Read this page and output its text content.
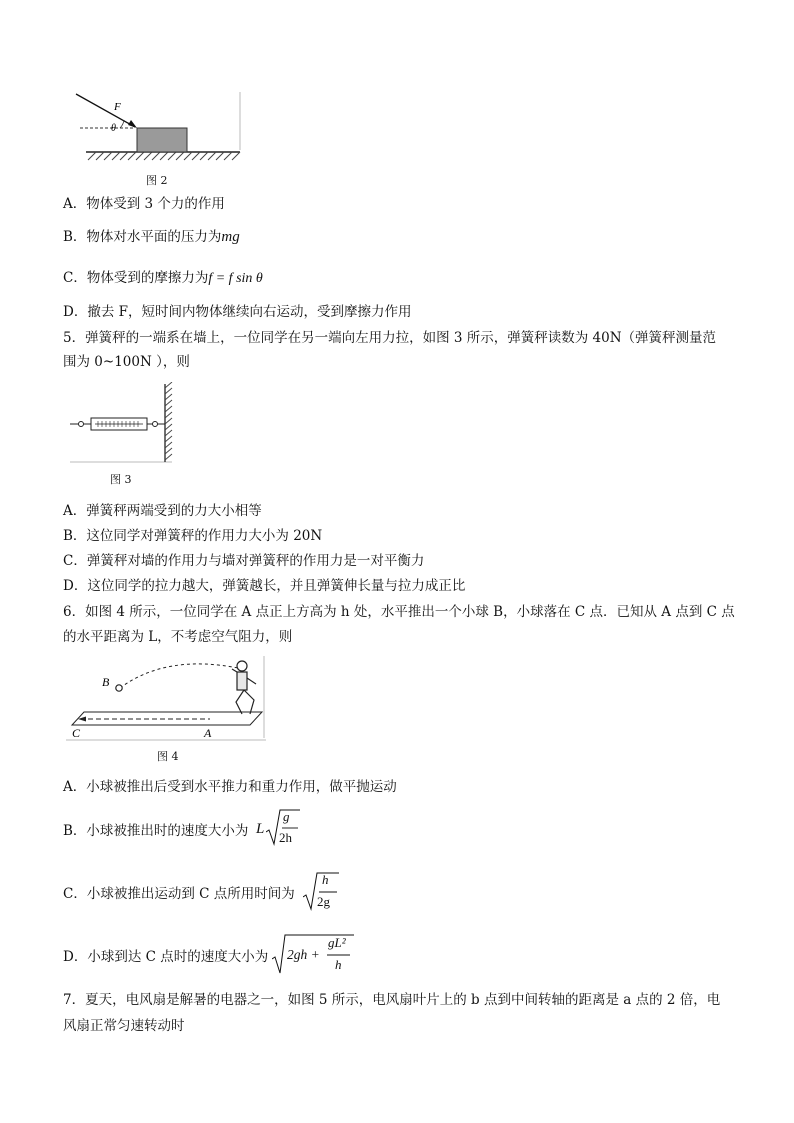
F
θ
图 2
A．物体受到 3 个力的作用
B．物体对水平面的压力为mg
C．物体受到的摩擦力为f = f sin θ
D．撤去 F，短时间内物体继续向右运动，受到摩擦力作用
5．弹簧秤的一端系在墙上，一位同学在另一端向左用力拉，如图 3 所示，弹簧秤读数为 40N（弹簧秤测量范
围为 0~100N ），则
图 3
A．弹簧秤两端受到的力大小相等
B．这位同学对弹簧秤的作用力大小为 20N
C．弹簧秤对墙的作用力与墙对弹簧秤的作用力是一对平衡力
D．这位同学的拉力越大，弹簧越长，并且弹簧伸长量与拉力成正比
6．如图 4 所示，一位同学在 A 点正上方高为 h 处，水平推出一个小球 B，小球落在 C 点．已知从 A 点到 C 点
的水平距离为 L，不考虑空气阻力，则
B
C	A
图 4
A．小球被推出后受到水平推力和重力作用，做平抛运动
B．小球被推出时的速度大小为 L
g
2h
C．小球被推出运动到 C 点所用时间为
h
2g
D．小球到达 C 点时的速度大小为 2gh +
gL²
h
7．夏天，电风扇是解暑的电器之一，如图 5 所示，电风扇叶片上的 b 点到中间转轴的距离是 a 点的 2 倍，电
风扇正常匀速转动时
